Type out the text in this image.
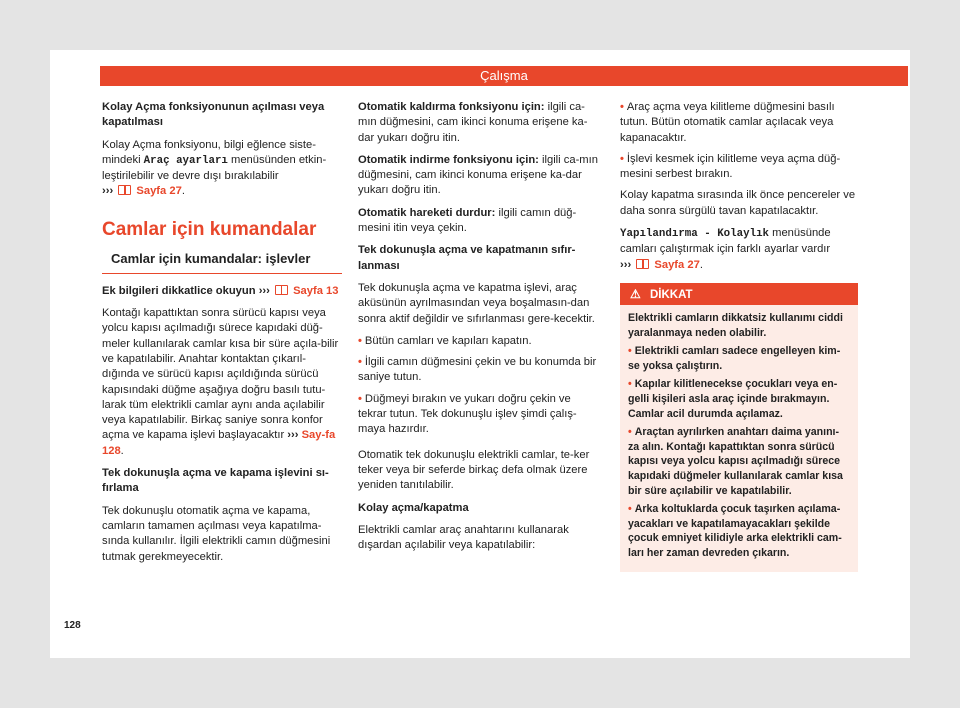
Çalışma

Kolay Açma fonksiyonunun açılması veya kapatılması

Kolay Açma fonksiyonu, bilgi eğlence siste-mindeki Araç ayarları menüsünden etkin-leştirilebilir ve devre dışı bırakılabilir
››› Sayfa 27.

Camlar için kumandalar
Camlar için kumandalar: işlevler

Ek bilgileri dikkatlice okuyun ››› Sayfa 13

Kontağı kapattıktan sonra sürücü kapısı veya yolcu kapısı açılmadığı sürece kapıdaki düğ-meler kullanılarak camlar kısa bir süre açıla-bilir ve kapatılabilir. Anahtar kontaktan çıkarıl-dığında ve sürücü kapısı açıldığında sürücü kapısındaki düğme aşağıya doğru basılı tutu-larak tüm elektrikli camlar aynı anda açılabilir veya kapatılabilir. Birkaç saniye sonra konfor açma ve kapama işlevi başlayacaktır ››› Say-fa 128.

Tek dokunuşla açma ve kapama işlevini sı-fırlama

Tek dokunuşlu otomatik açma ve kapama, camların tamamen açılması veya kapatılma-sında kullanılır. İlgili elektrikli camın düğmesini tutmak gerekmeyecektir.

Otomatik kaldırma fonksiyonu için: ilgili ca-mın düğmesini, cam ikinci konuma erişene ka-dar yukarı doğru itin.

Otomatik indirme fonksiyonu için: ilgili ca-mın düğmesini, cam ikinci konuma erişene ka-dar yukarı doğru itin.

Otomatik hareketi durdur: ilgili camın düğ-mesini itin veya çekin.

Tek dokunuşla açma ve kapatmanın sıfır-lanması

Tek dokunuşla açma ve kapatma işlevi, araç aküsünün ayrılmasından veya boşalmasın-dan sonra aktif değildir ve sıfırlanması gere-kecektir.

• Bütün camları ve kapıları kapatın.

• İlgili camın düğmesini çekin ve bu konumda bir saniye tutun.

• Düğmeyi bırakın ve yukarı doğru çekin ve tekrar tutun. Tek dokunuşlu işlev şimdi çalış-maya hazırdır.

Otomatik tek dokunuşlu elektrikli camlar, te-ker teker veya bir seferde birkaç defa olmak üzere yeniden tanıtılabilir.

Kolay açma/kapatma

Elektrikli camlar araç anahtarını kullanarak dışardan açılabilir veya kapatılabilir:

• Araç açma veya kilitleme düğmesini basılı tutun. Bütün otomatik camlar açılacak veya kapanacaktır.

• İşlevi kesmek için kilitleme veya açma düğ-mesini serbest bırakın.

Kolay kapatma sırasında ilk önce pencereler ve daha sonra sürgülü tavan kapatılacaktır.

Yapılandırma - Kolaylık menüsünde camları çalıştırmak için farklı ayarlar vardır
››› Sayfa 27.

⚠ DİKKAT

Elektrikli camların dikkatsiz kullanımı ciddi yaralanmaya neden olabilir.

• Elektrikli camları sadece engelleyen kim-se yoksa çalıştırın.

• Kapılar kilitlenecekse çocukları veya en-gelli kişileri asla araç içinde bırakmayın. Camlar acil durumda açılamaz.

• Araçtan ayrılırken anahtarı daima yanını-za alın. Kontağı kapattıktan sonra sürücü kapısı veya yolcu kapısı açılmadığı sürece kapıdaki düğmeler kullanılarak camlar kısa bir süre açılabilir ve kapatılabilir.

• Arka koltuklarda çocuk taşırken açılama-yacakları ve kapatılamayacakları şekilde çocuk emniyet kilidiyle arka elektrikli cam-ları her zaman devreden çıkarın.

128
